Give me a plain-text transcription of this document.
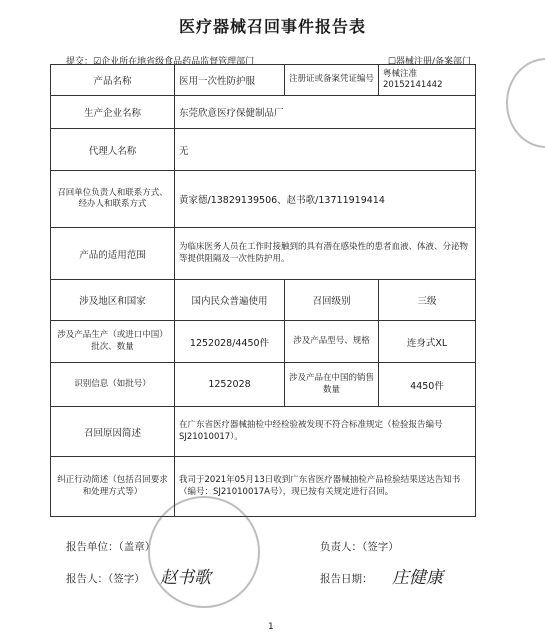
医疗器械召回事件报告表
提交：☑企业所在地省级食品药品监督管理部门	☐器械注册/备案部门
产品名称	医用一次性防护服	注册证或备案凭证编号	粤械注准20152141442
生产企业名称	东莞欣意医疗保健制品厂		
代理人名称	无		
召回单位负责人和联系方式、经办人和联系方式	黄家德/13829139506、赵书歌/13711919414		
产品的适用范围	为临床医务人员在工作时接触到的具有潜在感染性的患者血液、体液、分泌物等提供阻隔及一次性防护用。		
涉及地区和国家	国内民众普遍使用	召回级别	三级
涉及产品生产（或进口中国）批次、数量	1252028/4450件	涉及产品型号、规格	连身式XL
识别信息（如批号）	1252028	涉及产品在中国的销售数量	4450件
召回原因简述	在广东省医疗器械抽检中经检验被发现不符合标准规定（检验报告编号SJ21010017）。		
纠正行动简述（包括召回要求和处理方式等）	我司于2021年05月13日收到广东省医疗器械抽检产品检验结果送达告知书（编号：SJ21010017A号），现已按有关规定进行召回。		
报告单位：（盖章）	负责人：（签字）
报告人：（签字） 赵书歌	报告日期： 庄健康
1
